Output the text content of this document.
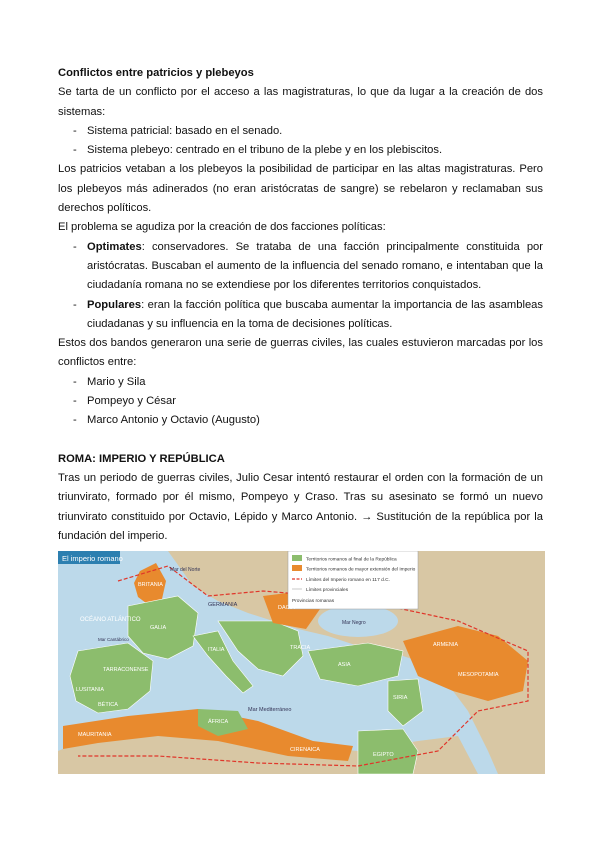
Conflictos entre patricios y plebeyos

Se tarta de un conflicto por el acceso a las magistraturas, lo que da lugar a la creación de dos sistemas:

- Sistema patricial: basado en el senado.
- Sistema plebeyo: centrado en el tribuno de la plebe y en los plebiscitos.

Los patricios vetaban a los plebeyos la posibilidad de participar en las altas magistraturas. Pero los plebeyos más adinerados (no eran aristócratas de sangre) se rebelaron y reclamaban sus derechos políticos.

El problema se agudiza por la creación de dos facciones políticas:

- Optimates: conservadores. Se trataba de una facción principalmente constituida por aristócratas. Buscaban el aumento de la influencia del senado romano, e intentaban que la ciudadanía romana no se extendiese por los diferentes territorios conquistados.
- Populares: eran la facción política que buscaba aumentar la importancia de las asambleas ciudadanas y su influencia en la toma de decisiones políticas.

Estos dos bandos generaron una serie de guerras civiles, las cuales estuvieron marcadas por los conflictos entre:

- Mario y Sila
- Pompeyo y César
- Marco Antonio y Octavio (Augusto)

ROMA: IMPERIO Y REPÚBLICA

Tras un periodo de guerras civiles, Julio Cesar intentó restaurar el orden con la formación de un triunvirato, formado por él mismo, Pompeyo y Craso. Tras su asesinato se formó un nuevo triunvirato constituido por Octavio, Lépido y Marco Antonio. → Sustitución de la república por la fundación del imperio.

El imperio romano	Territorios romanos al final de la República
Territorios romanos de mayor extensión del Imperio
Límites del Imperio romano en 117 d.C.
Límites provinciales
Provincias romanas
OCÉANO ATLÁNTICO
Mar del Norte
Mar Negro
Mar Mediterráneo
Mar Cantábrico
BRITANIA
TARRACONENSE
LUSITANIA
BÉTICA
GALIA
ITALIA
DACIA
TRACIA
ASIA
SIRIA
EGIPTO
ÁFRICA
MAURITANIA
CIRENAICA
ARMENIA
MESOPOTAMIA
GERMANIA
